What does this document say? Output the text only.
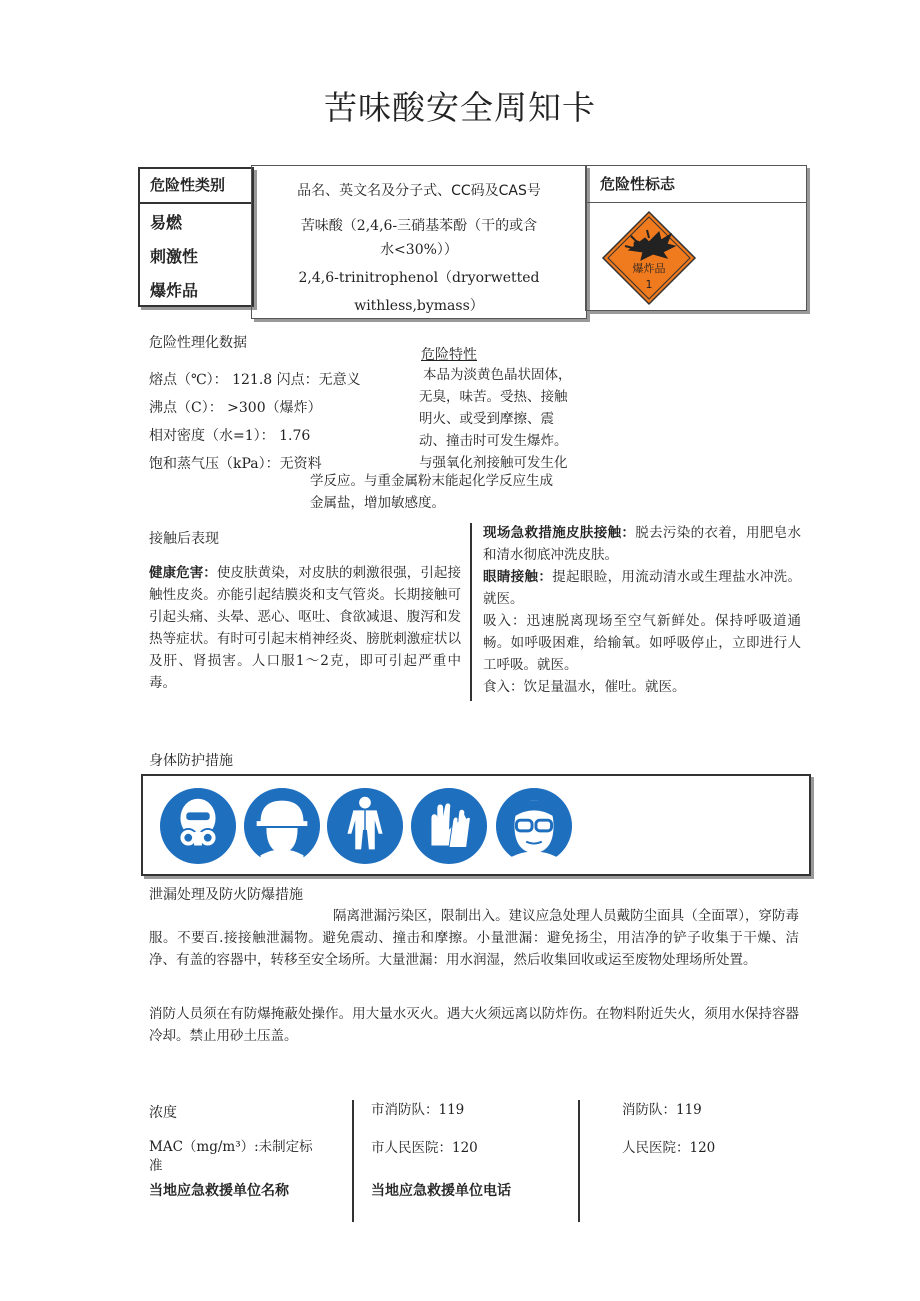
苦味酸安全周知卡
危险性类别
易燃
刺激性
爆炸品
品名、英文名及分子式、CC码及CAS号
苦味酸（2,4,6-三硝基苯酚（干的或含
水<30%））
2,4,6-trinitrophenol（dryorwetted
withless,bymass）
危险性标志
爆炸品
1
危险性理化数据
熔点（℃）： 121.8 闪点：无意义
沸点（C）： >300（爆炸）
相对密度（水=1）： 1.76
饱和蒸气压（kPa）：无资料
危险特性
本品为淡黄色晶状固体，
无臭，味苦。受热、接触
明火、或受到摩擦、震
动、撞击时可发生爆炸。
与强氧化剂接触可发生化
学反应。与重金属粉末能起化学反应生成
金属盐，增加敏感度。
接触后表现
健康危害：使皮肤黄染，对皮肤的刺激很强，引起接触性皮炎。亦能引起结膜炎和支气管炎。长期接触可引起头痛、头晕、恶心、呕吐、食欲减退、腹泻和发热等症状。有时可引起末梢神经炎、膀胱刺激症状以及肝、肾损害。人口服1～2克，即可引起严重中毒。
现场急救措施皮肤接触：脱去污染的衣着，用肥皂水和清水彻底冲洗皮肤。
眼睛接触：提起眼睑，用流动清水或生理盐水冲洗。就医。
吸入：迅速脱离现场至空气新鲜处。保持呼吸道通畅。如呼吸困难，给输氧。如呼吸停止，立即进行人工呼吸。就医。
食入：饮足量温水，催吐。就医。
身体防护措施
泄漏处理及防火防爆措施
隔离泄漏污染区，限制出入。建议应急处理人员戴防尘面具（全面罩），穿防毒服。不要百.接接触泄漏物。避免震动、撞击和摩擦。小量泄漏：避免扬尘，用洁净的铲子收集于干燥、洁净、有盖的容器中，转移至安全场所。大量泄漏：用水润湿，然后收集回收或运至废物处理场所处置。
消防人员须在有防爆掩蔽处操作。用大量水灭火。遇大火须远离以防炸伤。在物料附近失火，须用水保持容器冷却。禁止用砂土压盖。
浓度
MAC（mg/m³）:未制定标
准
当地应急救援单位名称
市消防队：119
市人民医院：120
当地应急救援单位电话
消防队：119
人民医院：120
